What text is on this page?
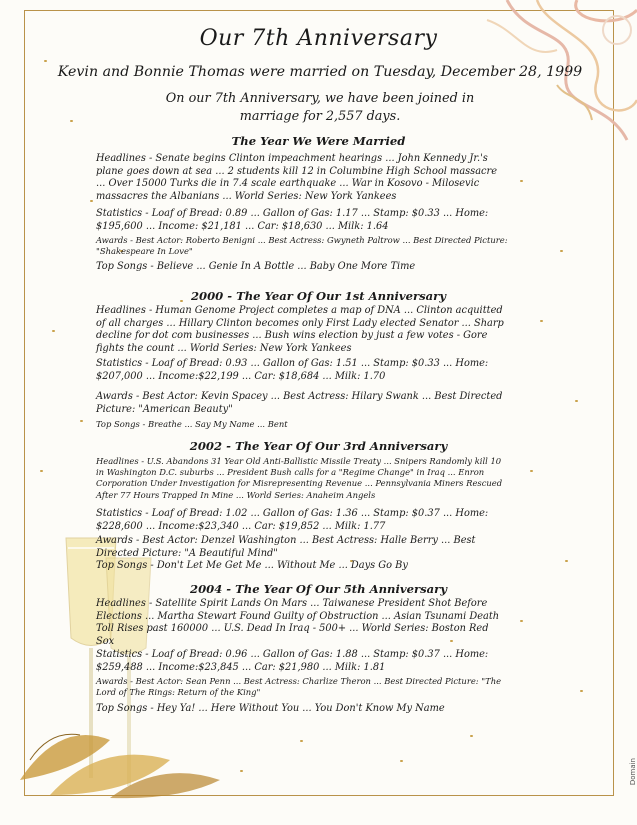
Our 7th Anniversary
Kevin and Bonnie Thomas were married on Tuesday, December 28, 1999
On our 7th Anniversary, we have been joined in marriage for 2,557 days.
The Year We Were Married
Headlines - Senate begins Clinton impeachment hearings ... John Kennedy Jr.'s plane goes down at sea ... 2 students kill 12 in Columbine High School massacre ... Over 15000 Turks die in 7.4 scale earthquake ... War in Kosovo - Milosevic massacres the Albanians ... World Series: New York Yankees
Statistics - Loaf of Bread: 0.89 ... Gallon of Gas: 1.17 ... Stamp: $0.33 ... Home: $195,600 ... Income: $21,181 ... Car: $18,630 ... Milk: 1.64
Awards - Best Actor: Roberto Benigni ... Best Actress: Gwyneth Paltrow ... Best Directed Picture: "Shakespeare In Love"
Top Songs - Believe ... Genie In A Bottle ... Baby One More Time
2000 - The Year Of Our 1st Anniversary
Headlines - Human Genome Project completes a map of DNA ... Clinton acquitted of all charges ... Hillary Clinton becomes only First Lady elected Senator ... Sharp decline for dot com businesses ... Bush wins election by just a few votes - Gore fights the count ... World Series: New York Yankees
Statistics - Loaf of Bread: 0.93 ... Gallon of Gas: 1.51 ... Stamp: $0.33 ... Home: $207,000 ... Income:$22,199 ... Car: $18,684 ... Milk: 1.70
Awards - Best Actor: Kevin Spacey ... Best Actress: Hilary Swank ... Best Directed Picture: "American Beauty"
Top Songs - Breathe ... Say My Name ... Bent
2002 - The Year Of Our 3rd Anniversary
Headlines - U.S. Abandons 31 Year Old Anti-Ballistic Missile Treaty ... Snipers Randomly kill 10 in Washington D.C. suburbs ... President Bush calls for a "Regime Change" in Iraq ... Enron Corporation Under Investigation for Misrepresenting Revenue ... Pennsylvania Miners Rescued After 77 Hours Trapped In Mine ... World Series: Anaheim Angels
Statistics - Loaf of Bread: 1.02 ... Gallon of Gas: 1.36 ... Stamp: $0.37 ... Home: $228,600 ... Income:$23,340 ... Car: $19,852 ... Milk: 1.77
Awards - Best Actor: Denzel Washington ... Best Actress: Halle Berry ... Best Directed Picture: "A Beautiful Mind"
Top Songs - Don't Let Me Get Me ... Without Me ... Days Go By
2004 - The Year Of Our 5th Anniversary
Headlines - Satellite Spirit Lands On Mars ... Taiwanese President Shot Before Elections ... Martha Stewart Found Guilty of Obstruction ... Asian Tsunami Death Toll Rises past 160000 ... U.S. Dead In Iraq - 500+ ... World Series: Boston Red Sox
Statistics - Loaf of Bread: 0.96 ... Gallon of Gas: 1.88 ... Stamp: $0.37 ... Home: $259,488 ... Income:$23,845 ... Car: $21,980 ... Milk: 1.81
Awards - Best Actor: Sean Penn ... Best Actress: Charlize Theron ... Best Directed Picture: "The Lord of The Rings: Return of the King"
Top Songs - Hey Ya! ... Here Without You ... You Don't Know My Name
Domain
